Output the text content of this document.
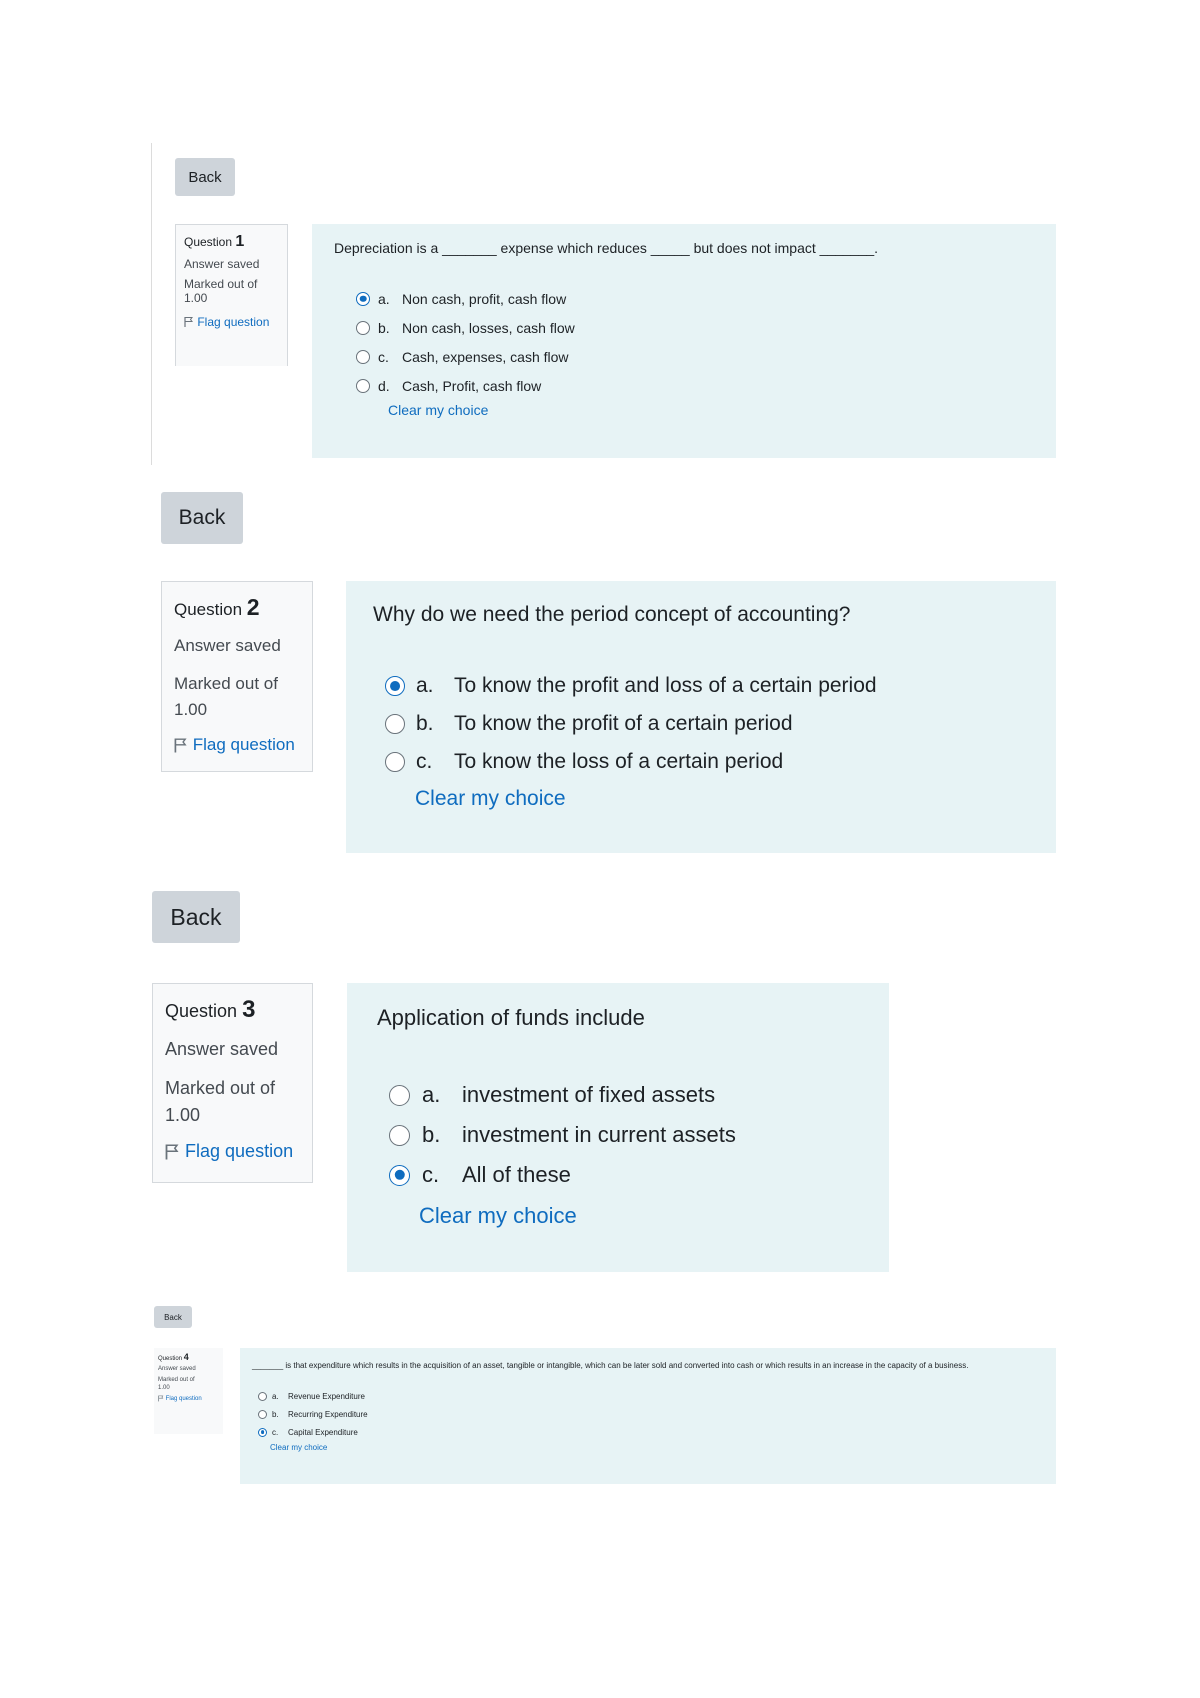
Back
Question 1
Answer saved
Marked out of
1.00

Flag question
Depreciation is a _______ expense which reduces _____ but does not impact _______.
a. Non cash, profit, cash flow
b. Non cash, losses, cash flow
c. Cash, expenses, cash flow
d. Cash, Profit, cash flow
Clear my choice
Back
Question 2
Answer saved
Marked out of
1.00

Flag question
Why do we need the period concept of accounting?
a. To know the profit and loss of a certain period
b. To know the profit of a certain period
c.	To know the loss of a certain period
Clear my choice
Back
Question 3
Answer saved
Marked out of
1.00

Flag question
Application of funds include
a. investment of fixed assets
b. investment in current assets
c.	All of these
Clear my choice
Back
Question 4
Answer saved
Marked out of
1.00

Flag question
_______ is that expenditure which results in the acquisition of an asset, tangible or intangible, which can be later sold and converted into cash or which results in an increase in the capacity of a business.
a.	Revenue Expenditure
b.	Recurring Expenditure
c.	Capital Expenditure
Clear my choice
